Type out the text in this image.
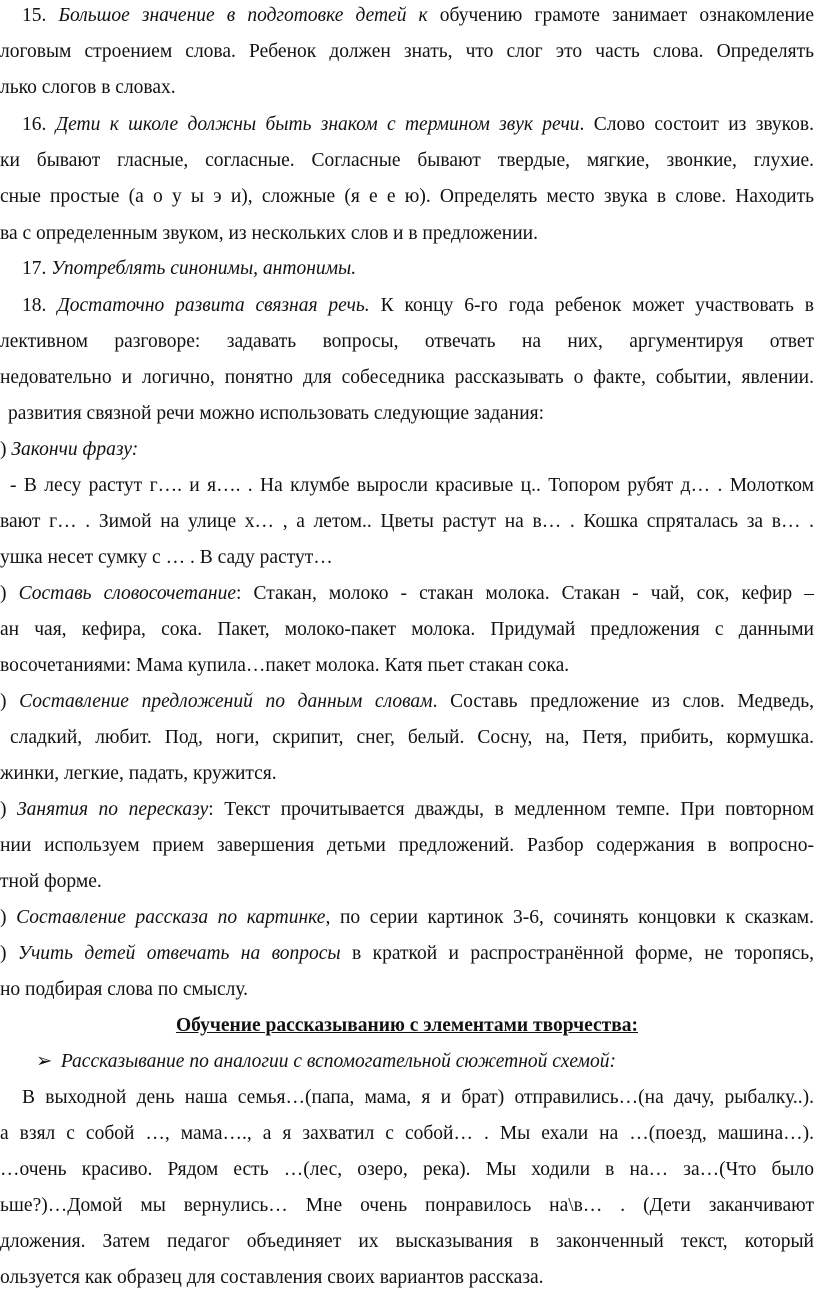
15. Большое значение в подготовке детей к обучению грамоте занимает ознакомление
логовым строением слова. Ребенок должен знать, что слог это часть слова. Определять
лько слогов в словах.
16. Дети к школе должны быть знаком с термином звук речи. Слово состоит из звуков.
ки бывают гласные, согласные. Согласные бывают твердые, мягкие, звонкие, глухие.
сные простые (а о у ы э и), сложные (я е е ю). Определять место звука в слове. Находить
ва с определенным звуком, из нескольких слов и в предложении.
17. Употреблять синонимы, антонимы.
18. Достаточно развита связная речь. К концу 6-го года ребенок может участвовать в
лективном разговоре: задавать вопросы, отвечать на них, аргументируя ответ
недовательно и логично, понятно для собеседника рассказывать о факте, событии, явлении.
развития связной речи можно использовать следующие задания:
) Закончи фразу:
- В лесу растут г…. и я…. . На клумбе выросли красивые ц.. Топором рубят д… . Молотком
вают г… . Зимой на улице х… , а летом.. Цветы растут на в… . Кошка спряталась за в… .
ушка несет сумку с … . В саду растут…
) Составь словосочетание: Стакан, молоко - стакан молока. Стакан - чай, сок, кефир –
ан чая, кефира, сока. Пакет, молоко-пакет молока. Придумай предложения с данными
восочетаниями: Мама купила…пакет молока. Катя пьет стакан сока.
) Составление предложений по данным словам. Составь предложение из слов. Медведь,
сладкий, любит. Под, ноги, скрипит, снег, белый. Сосну, на, Петя, прибить, кормушка.
жинки, легкие, падать, кружится.
) Занятия по пересказу: Текст прочитывается дважды, в медленном темпе. При повторном
нии используем прием завершения детьми предложений. Разбор содержания в вопросно-
тной форме.
) Составление рассказа по картинке, по серии картинок 3-6, сочинять концовки к сказкам.
) Учить детей отвечать на вопросы в краткой и распространённой форме, не торопясь,
но подбирая слова по смыслу.
Обучение рассказыванию с элементами творчества:
➢ Рассказывание по аналогии с вспомогательной сюжетной схемой:
В выходной день наша семья…(папа, мама, я и брат) отправились…(на дачу, рыбалку..).
а взял с собой …, мама…., а я захватил с собой… . Мы ехали на …(поезд, машина…).
…очень красиво. Рядом есть …(лес, озеро, река). Мы ходили в на… за…(Что было
ьше?)…Домой мы вернулись… Мне очень понравилось на\в… . (Дети заканчивают
дложения. Затем педагог объединяет их высказывания в законченный текст, который
ользуется как образец для составления своих вариантов рассказа.
